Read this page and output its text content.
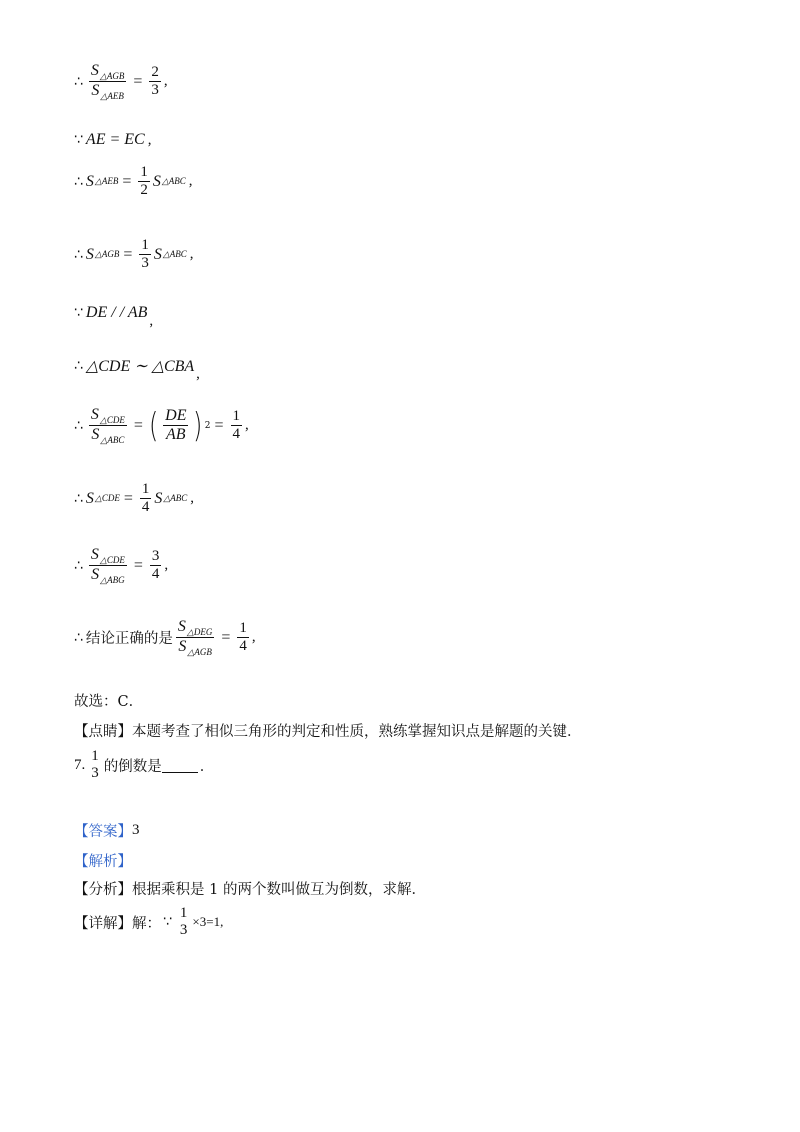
∴ $\frac{S_{\triangle AGB}}{S_{\triangle AEB}} = \frac{2}{3}$ ,
∵ AE = EC ,
∴ S △AEB = $\frac{1}{2}$ S △ABC ,
∴ S △AGB = $\frac{1}{3}$ S △ABC ,
∵ DE / / AB ,
∴ △CDE ∼ △CBA ,
∴ $\frac{S_{\triangle CDE}}{S_{\triangle ABC}}$ = ( $\frac{DE}{AB}$ ) $2 = \frac{1}{4}$ ,
∴ S △CDE = $\frac{1}{4}$ S △ABC ,
∴ $\frac{S_{\triangle CDE}}{S_{\triangle ABG}} = \frac{3}{4}$ ,
∴ 结论正确的是 $\frac{S_{\triangle DEG}}{S_{\triangle AGB}} = \frac{1}{4}$ ,
故选：C．
【点睛】 本题考查了相似三角形的判定和性质，熟练掌握知识点是解题的关键．
7.
1
3 的倒数是	．
【答案】 3
【解析】
【分析】 根据乘积是 1 的两个数叫做互为倒数，求解．
【详解】 解： ∵
1
3
×3=1,
